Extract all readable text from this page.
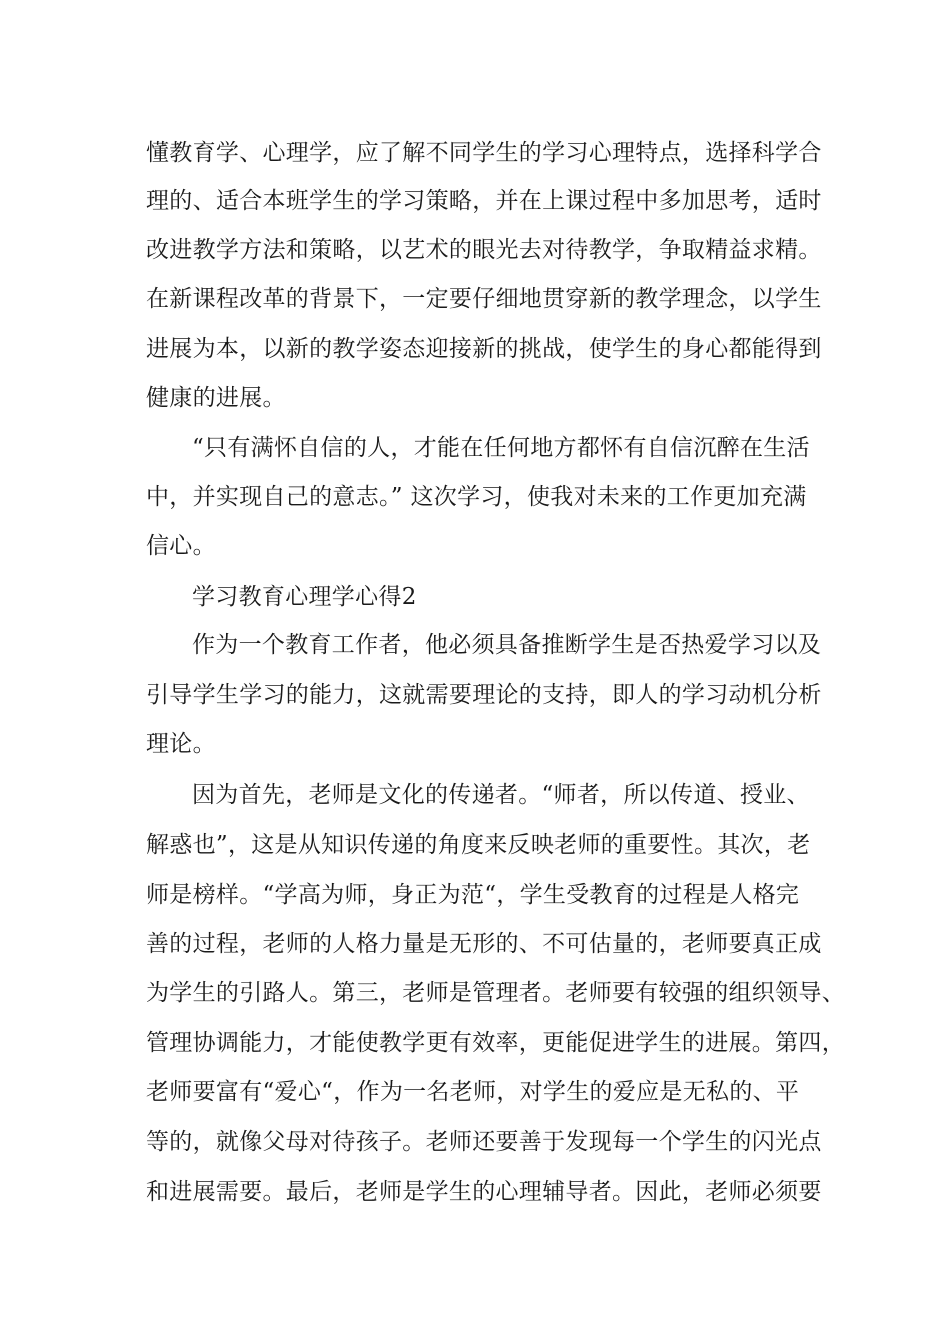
懂教育学、心理学，应了解不同学生的学习心理特点，选择科学合
理的、适合本班学生的学习策略，并在上课过程中多加思考，适时
改进教学方法和策略，以艺术的眼光去对待教学，争取精益求精。
在新课程改革的背景下，一定要仔细地贯穿新的教学理念，以学生
进展为本，以新的教学姿态迎接新的挑战，使学生的身心都能得到
健康的进展。
“只有满怀自信的人，才能在任何地方都怀有自信沉醉在生活
中，并实现自己的意志。” 这次学习，使我对未来的工作更加充满
信心。
学习教育心理学心得2
作为一个教育工作者，他必须具备推断学生是否热爱学习以及
引导学生学习的能力，这就需要理论的支持，即人的学习动机分析
理论。
因为首先，老师是文化的传递者。“师者，所以传道、授业、
解惑也”，这是从知识传递的角度来反映老师的重要性。其次，老
师是榜样。“学高为师，身正为范“，学生受教育的过程是人格完
善的过程，老师的人格力量是无形的、不可估量的，老师要真正成
为学生的引路人。第三，老师是管理者。老师要有较强的组织领导、
管理协调能力，才能使教学更有效率，更能促进学生的进展。第四，
老师要富有“爱心“，作为一名老师，对学生的爱应是无私的、平
等的，就像父母对待孩子。老师还要善于发现每一个学生的闪光点
和进展需要。最后，老师是学生的心理辅导者。因此，老师必须要
